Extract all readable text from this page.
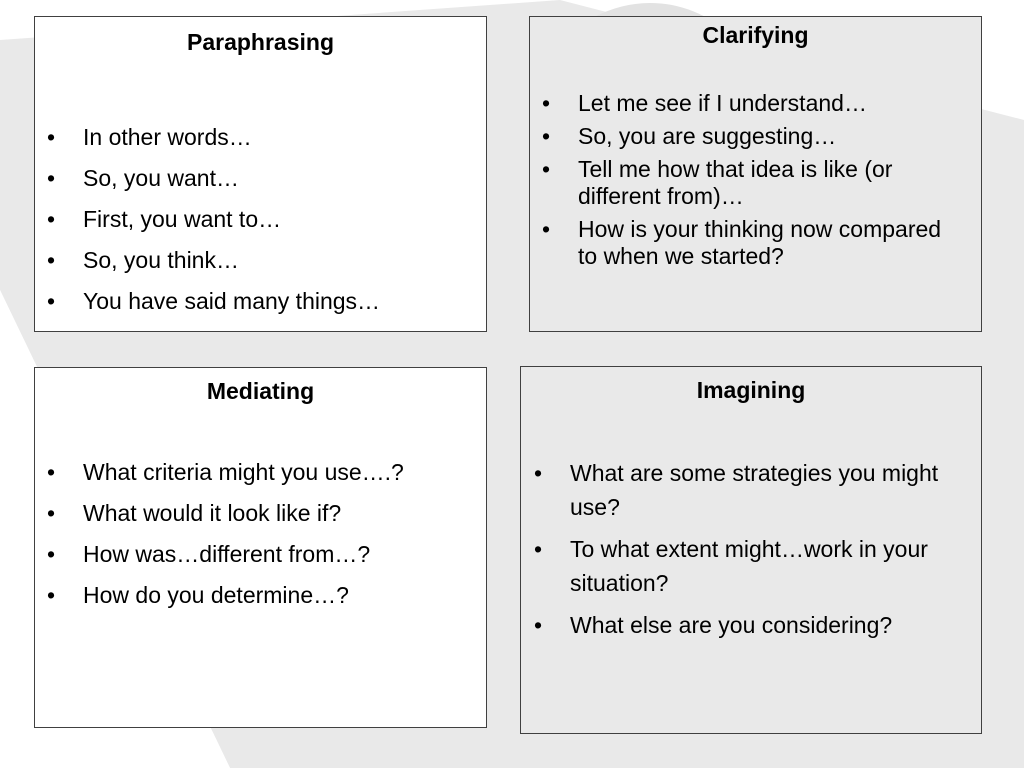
Paraphrasing
• In other words…
• So, you want…
• First, you want to…
• So, you think…
• You have said many things…
Clarifying
• Let me see if I understand…
• So, you are suggesting…
• Tell me how that idea is like (or different from)…
• How is your thinking now compared to when we started?
Mediating
• What criteria might you use….?
• What would it look like if?
• How was…different from…?
• How do you determine…?
Imagining
• What are some strategies you might use?
• To what extent might…work in your situation?
• What else are you considering?
